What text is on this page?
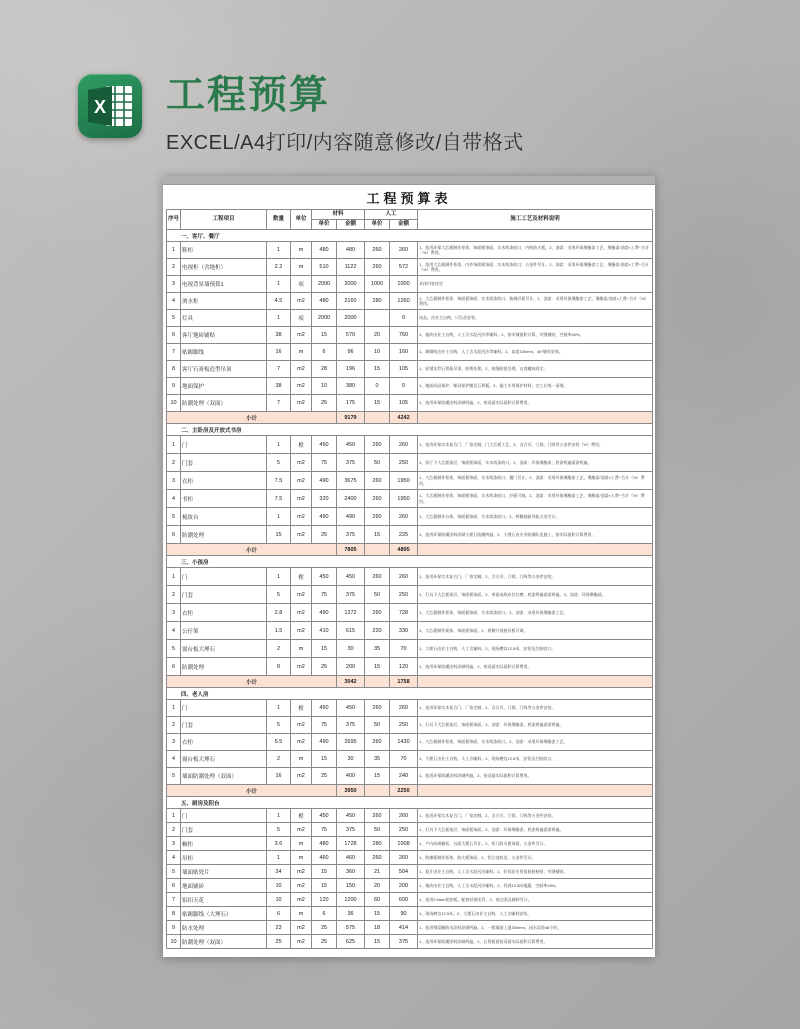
X 工程预算

EXCEL/A4打印/内容随意修改/自带格式

工程预算表
序号	工程项目	数量	单位	材料		人工		施工工艺及材料说明
				单价	金额	单价	金额	
一、客厅、餐厅								
1	鞋柜	1	m	480	480	260	260	1、选用环保大芯板制作柜体，饰面板饰面，实木线条收口，内贴防火板。2、油漆：采用环保聚酯漆工艺，聚酯漆/油漆×工费÷合计（%）费用。
2	电视柜（含地柜）	2.2	m	510	1122	260	572	1、选用大芯板制作柜体，内外饰面板饰面，实木线条收口，五金件另计。2、油漆：采用环保聚酯漆工艺，聚酯漆/油漆×工费÷合计（%）费用。
3	电视背景墙预算1	1	项	2000	2000	1000	1000	具体内容待定
4	酒水柜	4.5	m2	480	2160	280	1260	1、大芯板制作柜体，饰面板饰面，实木线条收口，玻璃层板另计。2、油漆：采用环保聚酯漆工艺，聚酯漆/油漆×工费÷合计（%）费用。
5	灯具	1	项	2000	2000		0	成品，由业主自购，只负责安装。
6	客厅地砖铺贴	38	m2	15	570	20	760	1、地砖由业主自购，人工含水泥河沙等辅料。2、按实铺面积计算，对缝铺贴，空鼓率≤5%。
7	贴踢脚线	16	m	6	96	10	160	1、踢脚线由业主自购，人工含水泥河沙等辅料。2、高度100mm，45°碰角安装。
8	客厅石膏板造型吊顶	7	m2	28	196	15	105	1、轻钢龙骨石膏板吊顶，防锈处理。2、接缝防裂处理，自攻螺丝固定。
9	地面保护	38	m2	10	380	0	0	1、地面成品保护，铺设保护膜及石膏板。2、施工专用保护材料，完工后统一清理。
10	防潮处理（双面）	7	m2	25	175	15	105	1、选用环保防潮涂料涂刷两遍。2、按双面实际面积计算费用。
小计					9179		4242	
二、主卧房及开放式书房								
1	门	1	樘	450	450	260	260	1、选用环保实木复合门，厂家定制，门大芯板工艺。2、含合页、门锁、门吸等五金件安装（%）费用。
2	门套	5	m2	75	375	50	250	1、饭厅下大芯板基层，饰面板饰面，实木线条收口。2、油漆：环保聚酯漆，底漆两遍面漆两遍。
3	衣柜	7.5	m2	490	3675	260	1950	1、大芯板制作柜体，饰面板饰面，实木线条收口，趟门另计。2、油漆：采用环保聚酯漆工艺，聚酯漆/油漆×工费÷合计（%）费用。
4	书柜	7.5	m2	320	2400	260	1950	1、大芯板制作柜体，饰面板饰面，实木线条收口，层板可调。2、油漆：采用环保聚酯漆工艺，聚酯漆/油漆×工费÷合计（%）费用。
5	梳妆台	1	m2	490	490	260	260	1、大芯板制作台体，饰面板饰面，实木线条收口。2、两侧抽屉导轨五金另计。
6	防潮处理	15	m2	25	375	15	225	1、选用环保防潮涂料涂刷大理石防潮两遍。2、大理石由专业防潮队伍施工，按实际面积计算费用。
小计					7805		4895	
三、小孩房								
1	门	1	樘	450	450	260	260	1、选用环保实木复合门，厂家定制。2、含合页、门锁、门吸等五金件安装。
2	门套	5	m2	75	375	50	250	1、灯具下大芯板基层，饰面板饰面。2、单面电线布位打磨，底漆两遍面漆两遍。3、油漆：环保聚酯漆。
3	衣柜	2.8	m2	490	1372	260	728	1、大芯板制作柜体，饰面板饰面，实木线条收口。2、油漆：采用环保聚酯漆工艺。
4	公仔架	1.5	m2	410	615	220	330	1、大芯板制作架体，饰面板饰面。2、两侧开放格层板可调。
5	窗台板大理石	2	m	15	30	35	70	1、大理石由业主自购，人工含辅料。2、现场磨边12.5米，安装及打胶收口。
6	防潮处理	8	m2	25	200	15	120	1、选用环保防潮涂料涂刷两遍。2、按双面实际面积计算费用。
小计					3042		1758	
四、老人房								
1	门	1	樘	450	450	260	260	1、选用环保实木复合门，厂家定制。2、含合页、门锁、门吸等五金件安装。
2	门套	5	m2	75	375	50	250	1、灯具下大芯板基层，饰面板饰面。2、油漆：环保聚酯漆，底漆两遍面漆两遍。
3	衣柜	5.5	m2	490	2695	260	1430	1、大芯板制作柜体，饰面板饰面，实木线条收口。2、油漆：采用环保聚酯漆工艺。
4	窗台板大理石	2	m	15	30	35	70	1、大理石由业主自购，人工含辅料。2、现场磨边12.5米，安装及打胶收口。
5	墙面防潮处理（双面）	16	m2	25	400	15	240	1、选用环保防潮涂料涂刷两遍。2、按双面实际面积计算费用。
小计					3950		2250	
五、厨房及阳台								
1	门	1	樘	450	450	260	260	1、选用环保实木复合门，厂家定制。2、含合页、门锁、门吸等五金件安装。
2	门套	5	m2	75	375	50	250	1、灯具下大芯板基层，饰面板饰面。2、油漆：环保聚酯漆，底漆两遍面漆两遍。
3	橱柜	3.6	m	480	1728	280	1008	1、户内砖砌橱柜，台面大理石另计。2、柜门防火板饰面，五金件另计。
4	吊柜	1	m	460	460	260	260	1、防潮板制作柜体，防火板饰面。2、铝合金收边，五金件另计。
5	墙面贴瓷片	24	m2	15	360	21	504	1、瓷片由业主自购，人工含水泥河沙辅料。2、好邻居专用瓷砖胶粘贴，对缝铺贴。
6	地面铺砖	10	m2	15	150	20	200	1、地砖由业主自购，人工含水泥河沙辅料。2、找坡12.5向地漏，空鼓率≤5%。
7	铝扣天花	10	m2	120	1200	60	600	1、选用0.6mm铝扣板，配套轻钢龙骨。2、收边条及辅料另计。
8	贴踢脚线（大理石）	6	m	6	36	15	90	1、现场磨边12.5米。2、大理石由业主自购，人工含辅料安装。
9	防水处理	23	m2	25	575	18	414	1、选用聚氨酯防水涂料涂刷两遍。2、一般墙面上返300mm，闭水试验48小时。
10	防潮处理（双面）	25	m2	25	625	15	375	1、选用环保防潮涂料涂刷两遍。2、石膏板面按双面实际面积计算费用。
